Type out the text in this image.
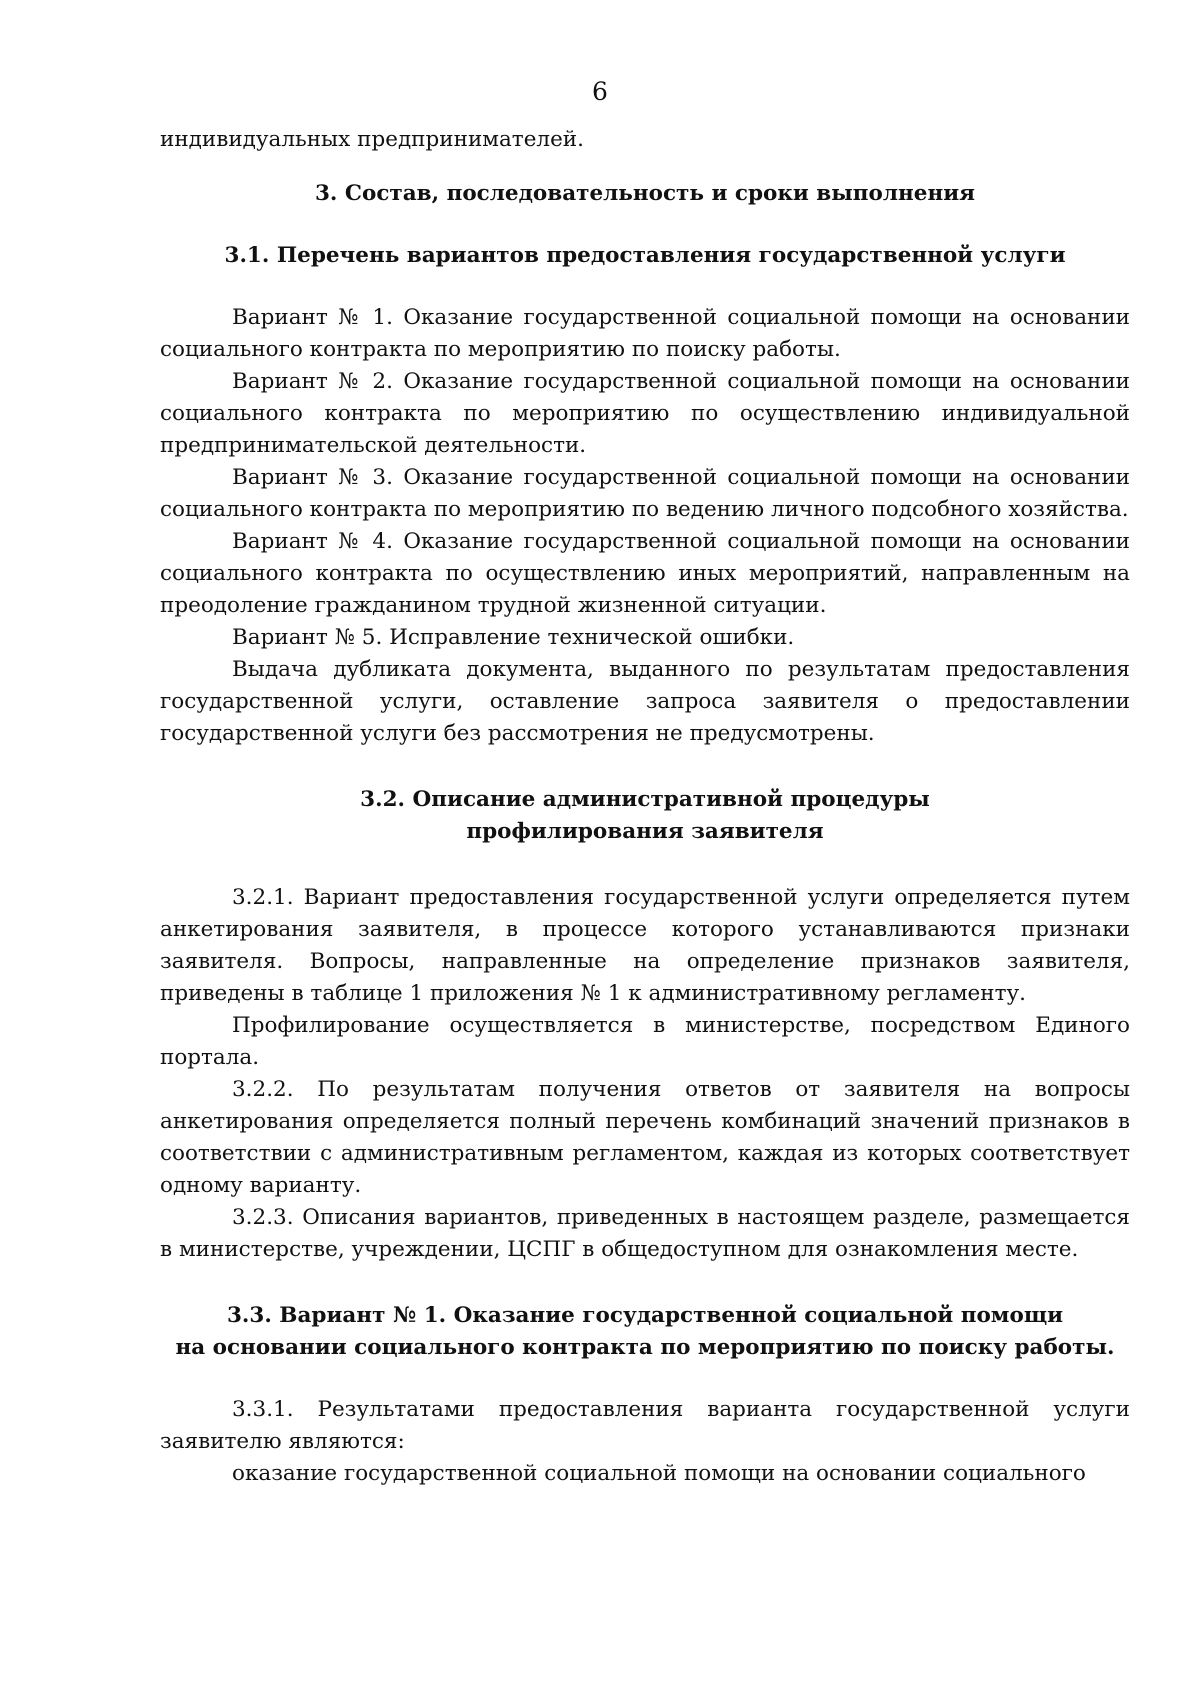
6

индивидуальных предпринимателей.

3. Состав, последовательность и сроки выполнения
3.1. Перечень вариантов предоставления государственной услуги

Вариант № 1. Оказание государственной социальной помощи на основании социального контракта по мероприятию по поиску работы.

Вариант № 2. Оказание государственной социальной помощи на основании социального контракта по мероприятию по осуществлению индивидуальной предпринимательской деятельности.

Вариант № 3. Оказание государственной социальной помощи на основании социального контракта по мероприятию по ведению личного подсобного хозяйства.

Вариант № 4. Оказание государственной социальной помощи на основании социального контракта по осуществлению иных мероприятий, направленным на преодоление гражданином трудной жизненной ситуации.

Вариант № 5. Исправление технической ошибки.

Выдача дубликата документа, выданного по результатам предоставления государственной услуги, оставление запроса заявителя о предоставлении государственной услуги без рассмотрения не предусмотрены.

3.2. Описание административной процедуры
профилирования заявителя

3.2.1. Вариант предоставления государственной услуги определяется путем анкетирования заявителя, в процессе которого устанавливаются признаки заявителя. Вопросы, направленные на определение признаков заявителя, приведены в таблице 1 приложения № 1 к административному регламенту.

Профилирование осуществляется в министерстве, посредством Единого портала.

3.2.2. По результатам получения ответов от заявителя на вопросы анкетирования определяется полный перечень комбинаций значений признаков в соответствии с административным регламентом, каждая из которых соответствует одному варианту.

3.2.3. Описания вариантов, приведенных в настоящем разделе, размещается в министерстве, учреждении, ЦСПГ в общедоступном для ознакомления месте.

3.3. Вариант № 1. Оказание государственной социальной помощи
на основании социального контракта по мероприятию по поиску работы.

3.3.1. Результатами предоставления варианта государственной услуги заявителю являются:

оказание государственной социальной помощи на основании социального
